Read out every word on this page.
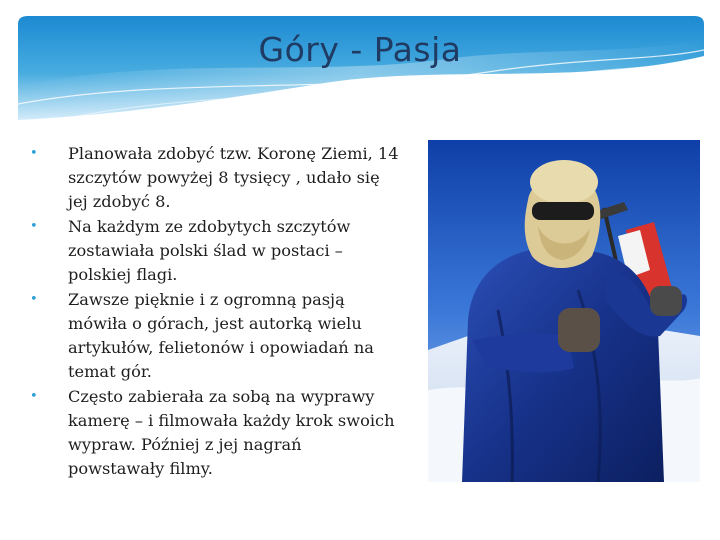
Góry - Pasja
• Planowała zdobyć tzw. Koronę Ziemi, 14 szczytów powyżej 8 tysięcy , udało się jej zdobyć 8.
• Na każdym ze zdobytych szczytów zostawiała polski ślad w postaci – polskiej flagi.
• Zawsze pięknie i z ogromną pasją mówiła o górach, jest autorką wielu artykułów, felietonów i opowiadań na temat gór.
• Często zabierała za sobą na wyprawy kamerę – i filmowała każdy krok swoich wypraw. Później z jej nagrań powstawały filmy.
